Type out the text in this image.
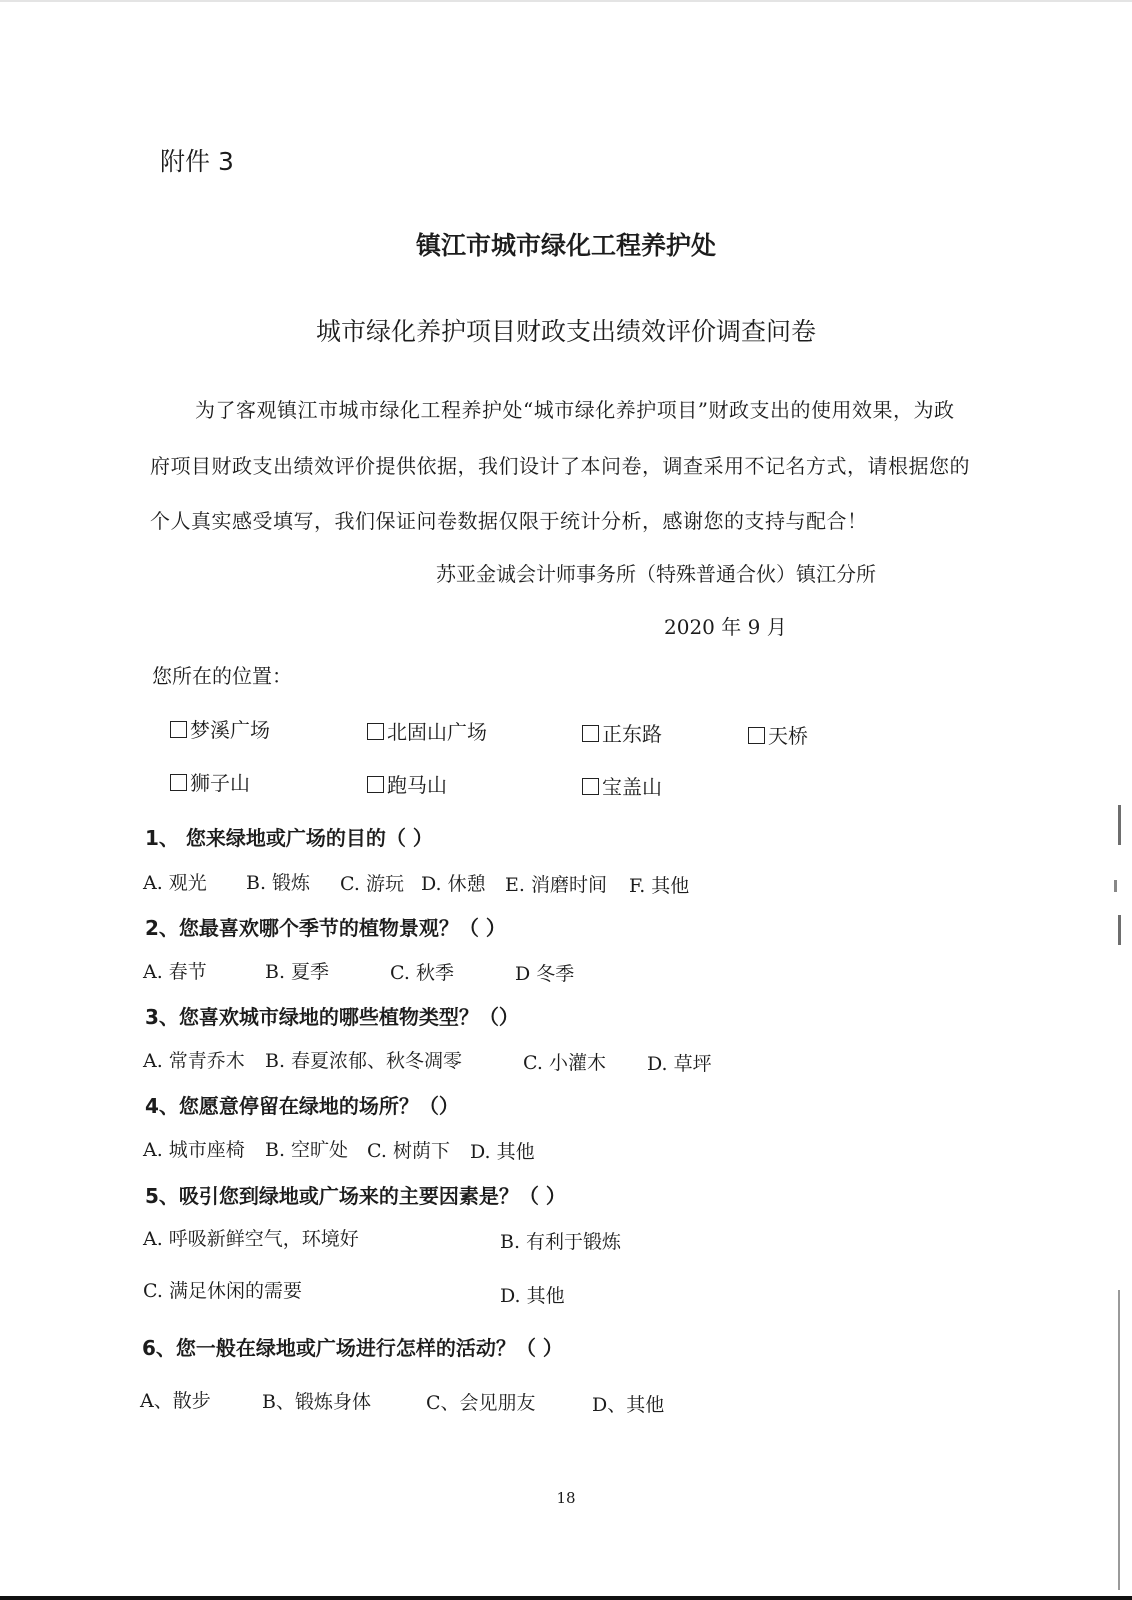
附件 3
镇江市城市绿化工程养护处
城市绿化养护项目财政支出绩效评价调查问卷
为了客观镇江市城市绿化工程养护处“城市绿化养护项目”财政支出的使用效果，为政
府项目财政支出绩效评价提供依据，我们设计了本问卷，调查采用不记名方式，请根据您的
个人真实感受填写，我们保证问卷数据仅限于统计分析，感谢您的支持与配合！
苏亚金诚会计师事务所（特殊普通合伙）镇江分所
2020 年 9 月
您所在的位置：
梦溪广场	北固山广场	正东路	天桥
狮子山	跑马山	宝盖山
1、 您来绿地或广场的目的（ ）
A. 观光 B. 锻炼 C. 游玩 D. 休憩 E. 消磨时间 F. 其他
2、您最喜欢哪个季节的植物景观？（ ）
A. 春节	B. 夏季	C. 秋季	D 冬季
3、您喜欢城市绿地的哪些植物类型？（）
A. 常青乔木 B. 春夏浓郁、秋冬凋零	C. 小灌木 D. 草坪
4、您愿意停留在绿地的场所？（）
A. 城市座椅 B. 空旷处 C. 树荫下 D. 其他
5、吸引您到绿地或广场来的主要因素是？（ ）
A. 呼吸新鲜空气，环境好	B. 有利于锻炼
C. 满足休闲的需要	D. 其他
6、您一般在绿地或广场进行怎样的活动？（ ）
A、散步	B、锻炼身体	C、会见朋友	D、其他
18
